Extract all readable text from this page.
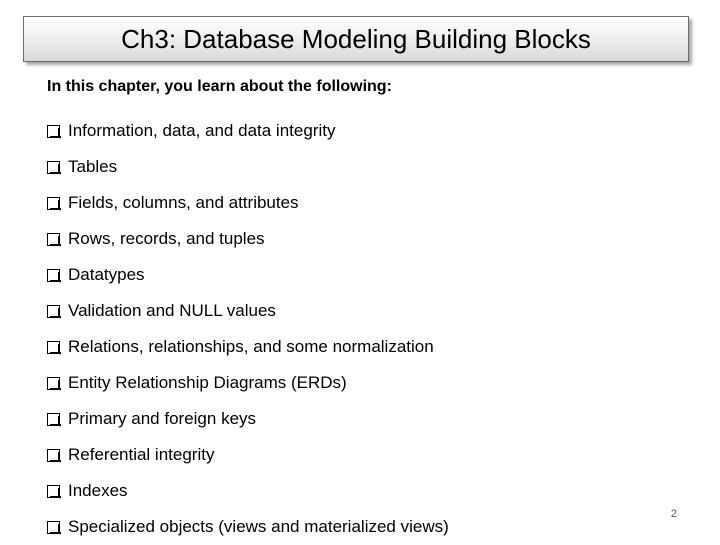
Ch3: Database Modeling Building Blocks
In this chapter, you learn about the following:
Information, data, and data integrity
Tables
Fields, columns, and attributes
Rows, records, and tuples
Datatypes
Validation and NULL values
Relations, relationships, and some normalization
Entity Relationship Diagrams (ERDs)
Primary and foreign keys
Referential integrity
Indexes
Specialized objects (views and materialized views)
2
